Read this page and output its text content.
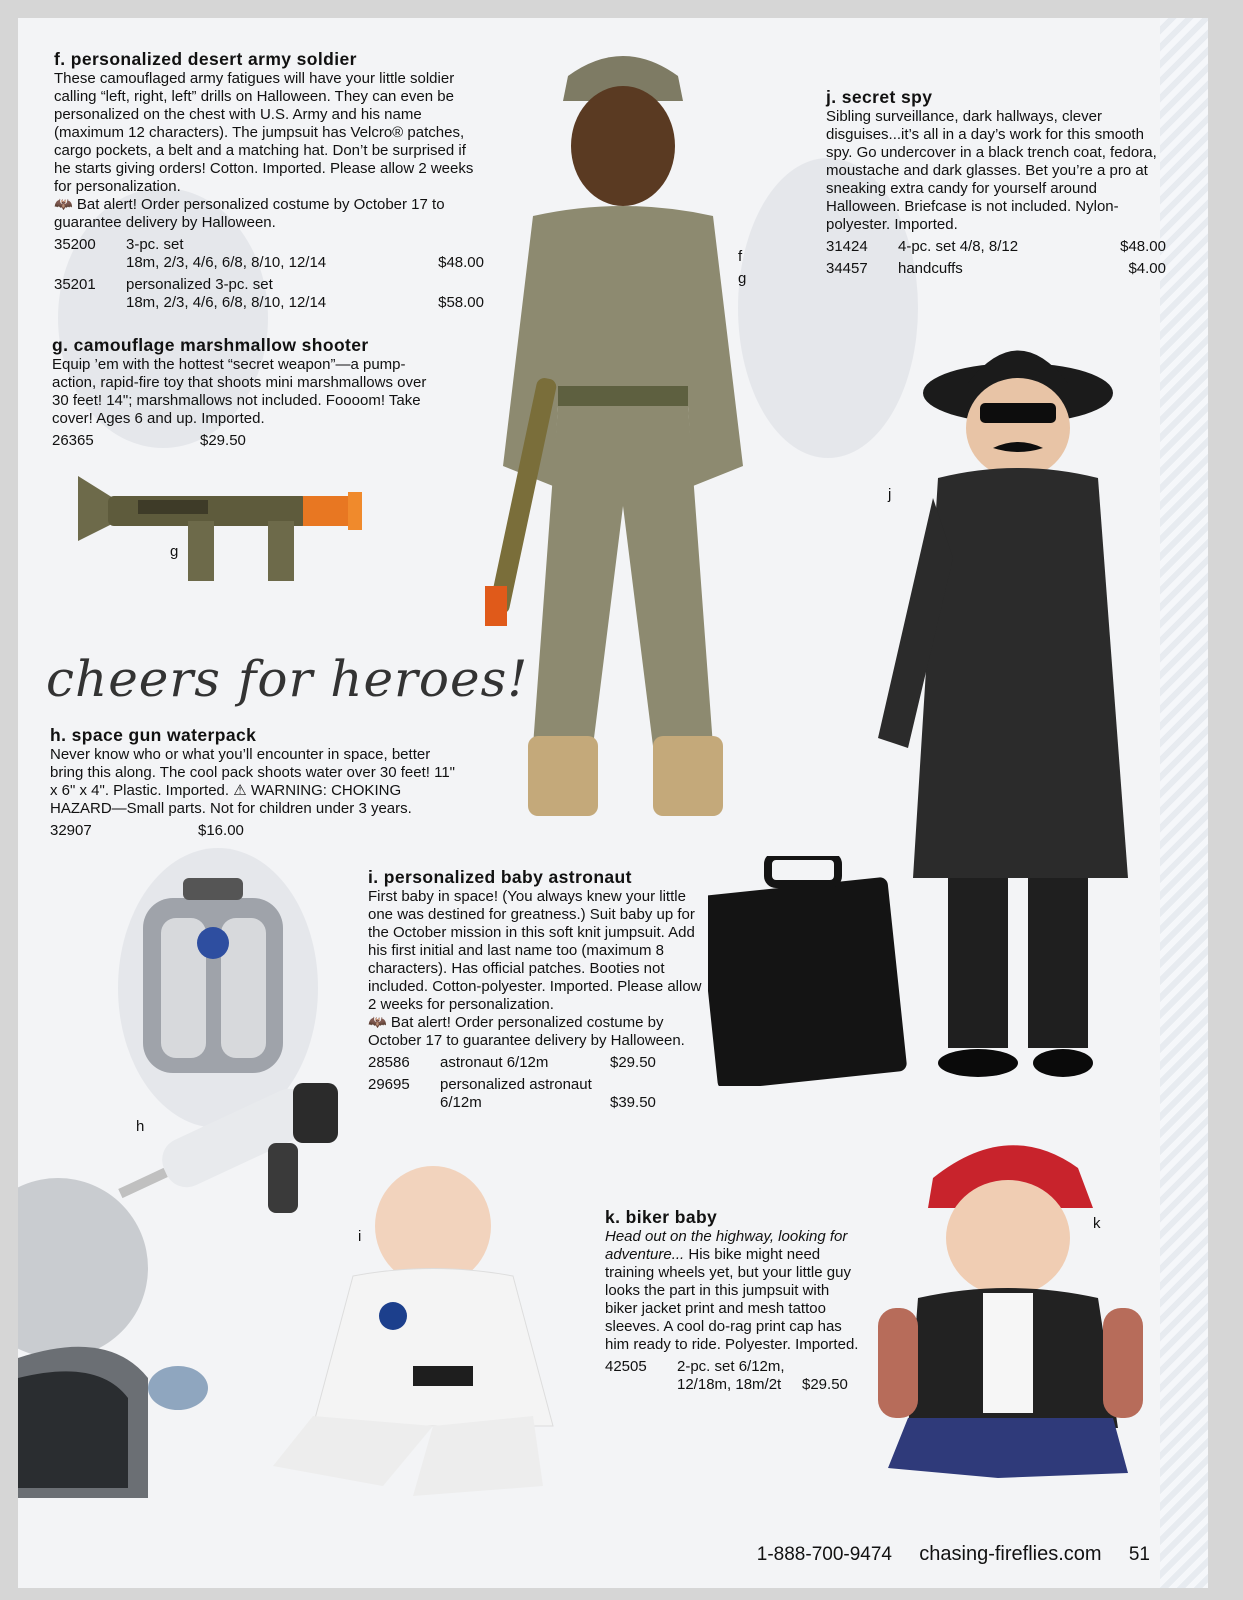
f. personalized desert army soldier

These camouflaged army fatigues will have your little soldier calling “left, right, left” drills on Halloween. They can even be personalized on the chest with U.S. Army and his name (maximum 12 characters). The jumpsuit has Velcro® patches, cargo pockets, a belt and a matching hat. Don’t be surprised if he starts giving orders! Cotton. Imported. Please allow 2 weeks for personalization.

🦇 Bat alert! Order personalized costume by October 17 to guarantee delivery by Halloween.

35200	3-pc. set
18m, 2/3, 4/6, 6/8, 8/10, 12/14	$48.00
35201	personalized 3-pc. set
18m, 2/3, 4/6, 6/8, 8/10, 12/14	$58.00
g. camouflage marshmallow shooter

Equip ’em with the hottest “secret weapon”—a pump-action, rapid-fire toy that shoots mini marshmallows over 30 feet! 14"; marshmallows not included. Foooom! Take cover! Ages 6 and up. Imported.

26365	$29.50
g
f
g
j. secret spy

Sibling surveillance, dark hallways, clever disguises...it’s all in a day’s work for this smooth spy. Go undercover in a black trench coat, fedora, moustache and dark glasses. Bet you’re a pro at sneaking extra candy for yourself around Halloween. Briefcase is not included. Nylon-polyester. Imported.

31424	4-pc. set 4/8, 8/12	$48.00
34457	handcuffs	$4.00
j
cheers for heroes!
h. space gun waterpack

Never know who or what you’ll encounter in space, better bring this along. The cool pack shoots water over 30 feet! 11" x 6" x 4". Plastic. Imported. ⚠ WARNING: CHOKING HAZARD—Small parts. Not for children under 3 years.

32907	$16.00
h
i. personalized baby astronaut

First baby in space! (You always knew your little one was destined for greatness.) Suit baby up for the October mission in this soft knit jumpsuit. Add his first initial and last name too (maximum 8 characters). Has official patches. Booties not included. Cotton-polyester. Imported. Please allow 2 weeks for personalization.

🦇 Bat alert! Order personalized costume by October 17 to guarantee delivery by Halloween.

28586	astronaut 6/12m	$29.50
29695	personalized astronaut 6/12m	$39.50
i
k. biker baby

Head out on the highway, looking for adventure... His bike might need training wheels yet, but your little guy looks the part in this jumpsuit with biker jacket print and mesh tattoo sleeves. A cool do-rag print cap has him ready to ride. Polyester. Imported.

42505	2-pc. set 6/12m, 12/18m, 18m/2t	$29.50
k
1-888-700-9474 chasing-fireflies.com 51
